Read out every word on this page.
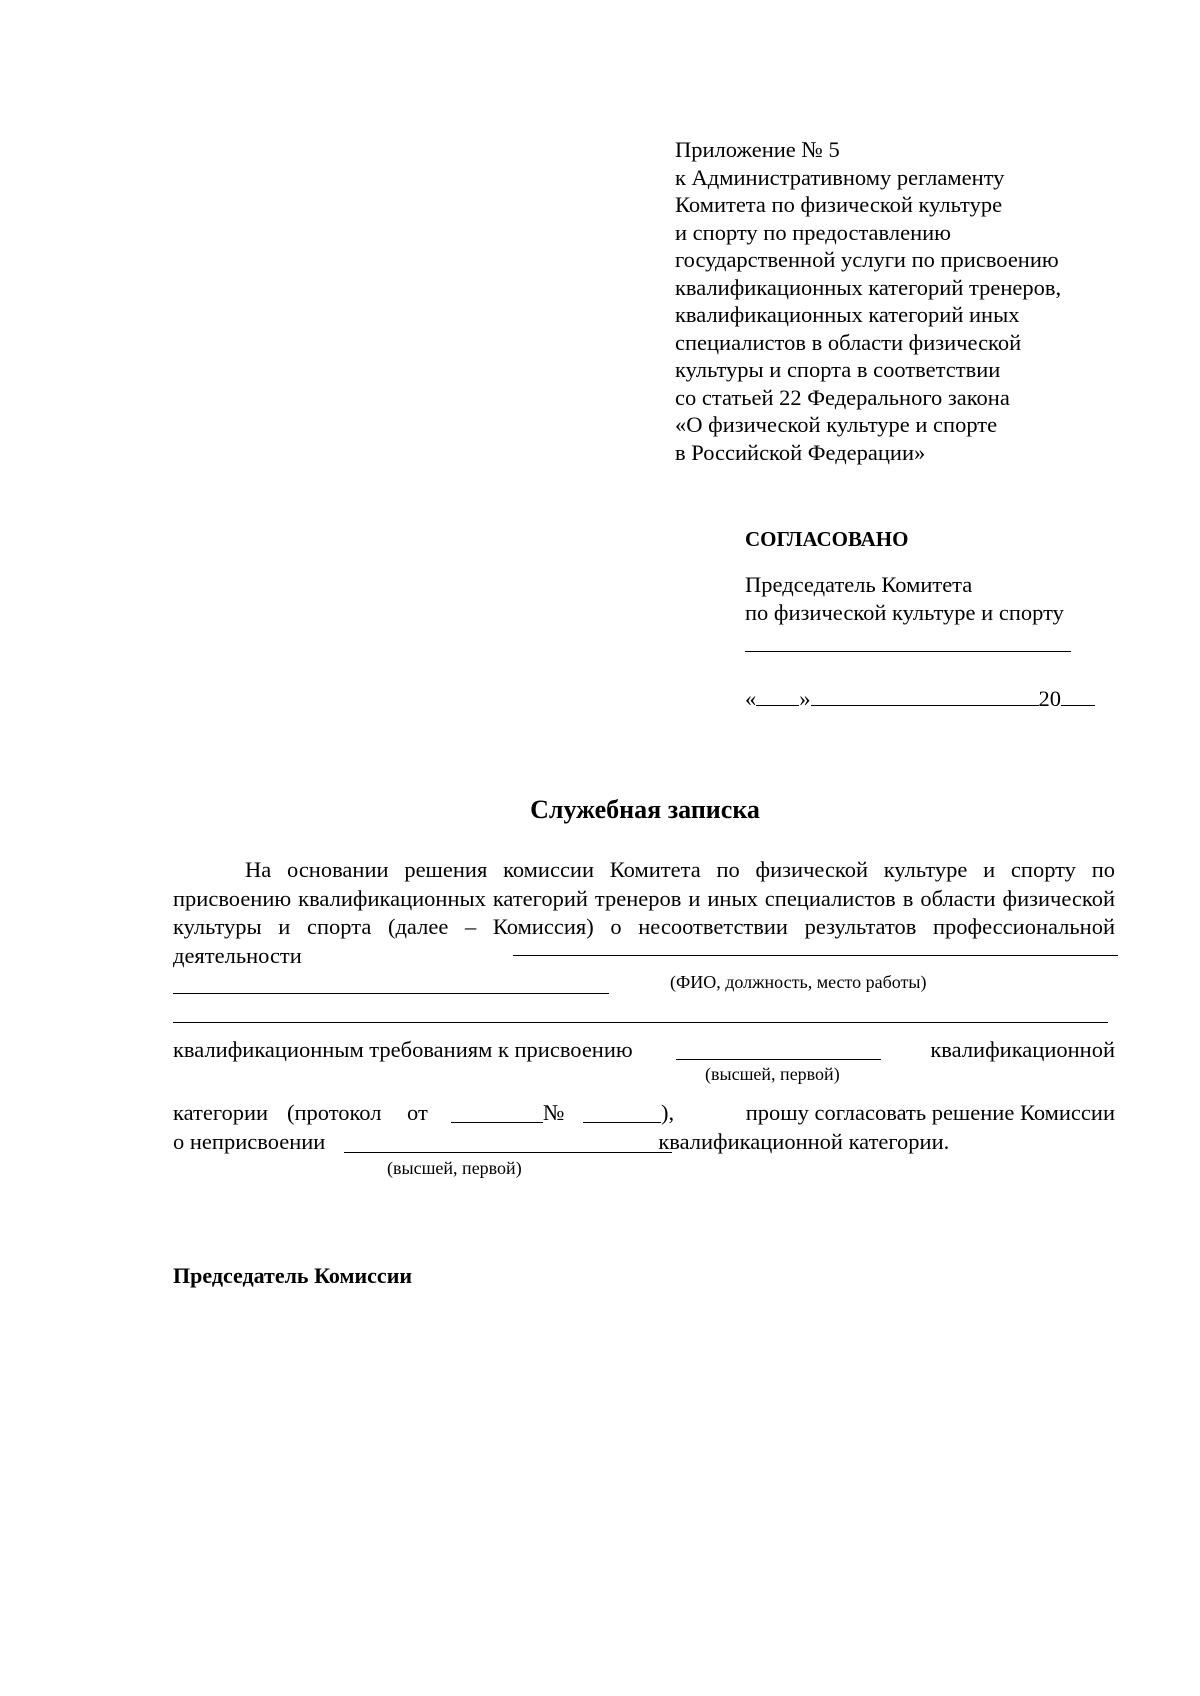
Приложение № 5
к Административному регламенту
Комитета по физической культуре
и спорту по предоставлению
государственной услуги по присвоению
квалификационных категорий тренеров,
квалификационных категорий иных
специалистов в области физической
культуры и спорта в соответствии
со статьей 22 Федерального закона
«О физической культуре и спорте
в Российской Федерации»
СОГЛАСОВАНО
Председатель Комитета
по физической культуре и спорту
« »	20
Служебная записка
На основании решения комиссии Комитета по физической культуре и спорту по присвоению квалификационных категорий тренеров и иных специалистов в области физической культуры и спорта (далее – Комиссия) о несоответствии результатов профессиональной деятельности
(ФИО, должность, место работы)
квалификационным требованиям к присвоению	квалификационной
(высшей, первой)
категории (протокол от	№	),	прошу согласовать решение Комиссии
о неприсвоении	квалификационной категории.
(высшей, первой)
Председатель Комиссии
